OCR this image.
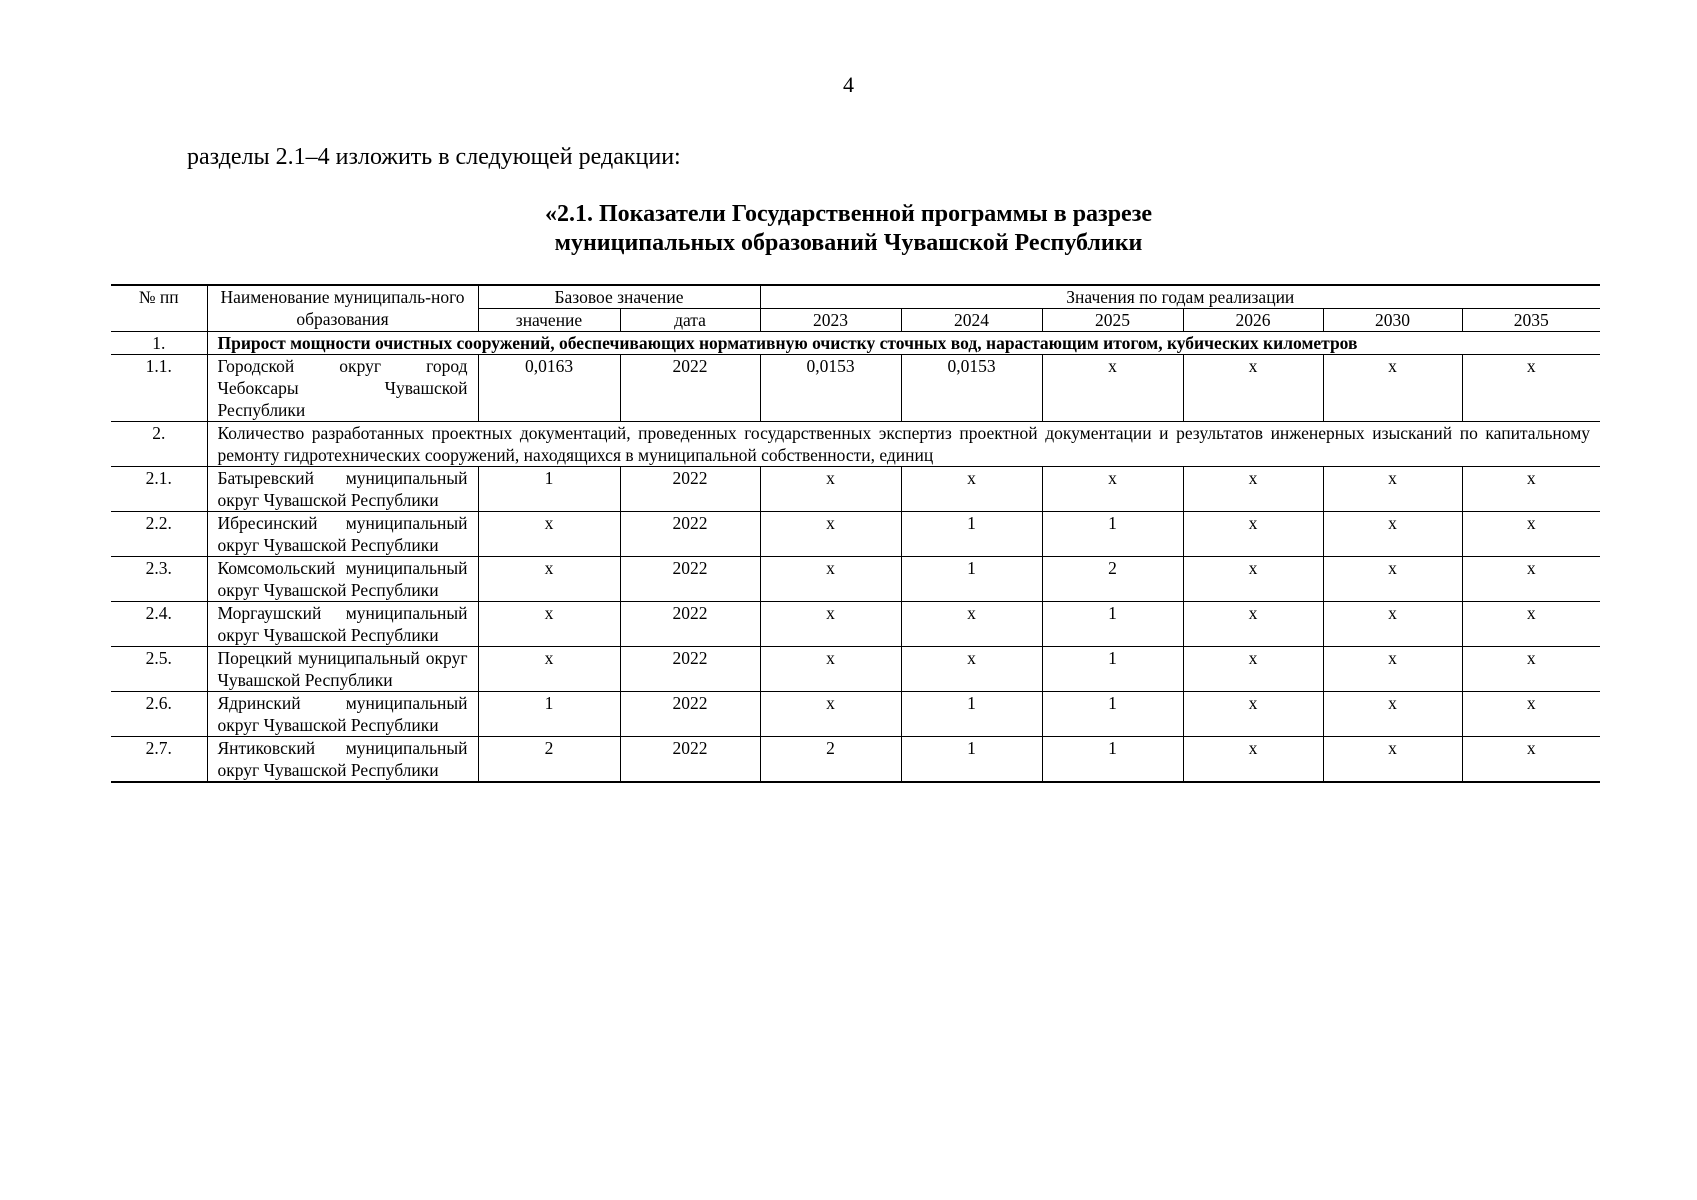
4
разделы 2.1–4 изложить в следующей редакции:
«2.1. Показатели Государственной программы в разрезе
муниципальных образований Чувашской Республики
№ пп	Наименование муниципаль-ного образования	Базовое значение		Значения по годам реализации					
		значение	дата	2023	2024	2025	2026	2030	2035
1.	Прирост мощности очистных сооружений, обеспечивающих нормативную очистку сточных вод, нарастающим итогом, кубических километров								
1.1.	Городской округ город Чебоксары Чувашской Республики	0,0163	2022	0,0153	0,0153	х	х	х	х
2.	Количество разработанных проектных документаций, проведенных государственных экспертиз проектной документации и результатов инженерных изысканий по капитальному ремонту гидротехнических сооружений, находящихся в муниципальной собственности, единиц								
2.1.	Батыревский муниципальный округ Чувашской Республики	1	2022	х	х	х	х	х	х
2.2.	Ибресинский муниципальный округ Чувашской Республики	х	2022	х	1	1	х	х	х
2.3.	Комсомольский муниципальный округ Чувашской Республики	х	2022	х	1	2	х	х	х
2.4.	Моргаушский муниципальный округ Чувашской Республики	х	2022	х	х	1	х	х	х
2.5.	Порецкий муниципальный округ Чувашской Республики	х	2022	х	х	1	х	х	х
2.6.	Ядринский муниципальный округ Чувашской Республики	1	2022	х	1	1	х	х	х
2.7.	Янтиковский муниципальный округ Чувашской Республики	2	2022	2	1	1	х	х	х
